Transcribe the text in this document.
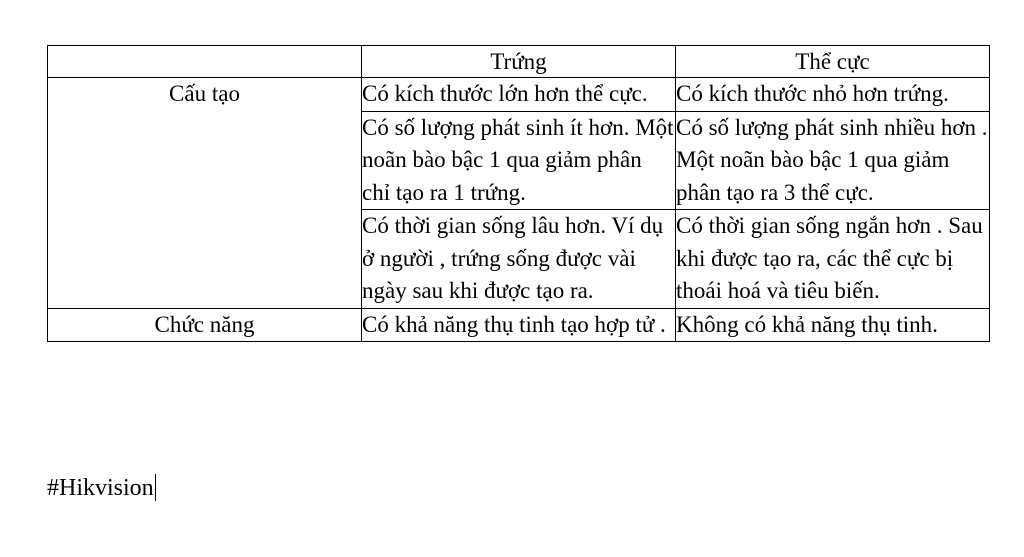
	Trứng	Thể cực
Cấu tạo	Có kích thước lớn hơn thể cực.	Có kích thước nhỏ hơn trứng.
	Có số lượng phát sinh ít hơn. Một noãn bào bậc 1 qua giảm phân chỉ tạo ra 1 trứng.	Có số lượng phát sinh nhiều hơn . Một noãn bào bậc 1 qua giảm phân tạo ra 3 thể cực.
	Có thời gian sống lâu hơn. Ví dụ ở người , trứng sống được vài ngày sau khi được tạo ra.	Có thời gian sống ngắn hơn . Sau khi được tạo ra, các thể cực bị thoái hoá và tiêu biến.
Chức năng	Có khả năng thụ tinh tạo hợp tử .	Không có khả năng thụ tinh.
#Hikvision
